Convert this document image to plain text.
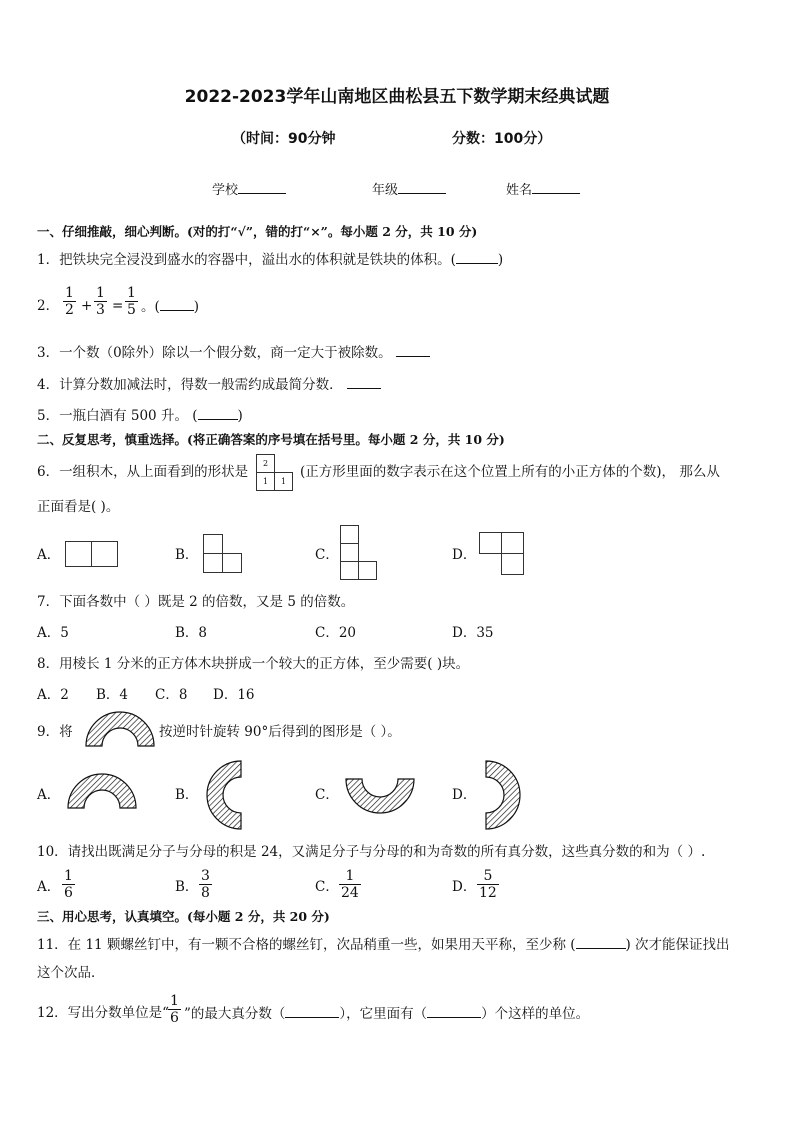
2022-2023学年山南地区曲松县五下数学期末经典试题
（时间：90分钟	分数：100分）
学校	年级	姓名
一、仔细推敲，细心判断。(对的打“√”，错的打“×”。每小题 2 分，共 10 分)
1．把铁块完全浸没到盛水的容器中，溢出水的体积就是铁块的体积。(	)
2． $\frac{1}{2} + \frac{1}{3} = \frac{1}{5}$ 。(	)
3．一个数（0除外）除以一个假分数，商一定大于被除数。
4．计算分数加减法时，得数一般需约成最简分数．
5．一瓶白酒有 500 升。 (	)
二、反复思考，慎重选择。(将正确答案的序号填在括号里。每小题 2 分，共 10 分)
6．一组积木，从上面看到的形状是
2
1	1
(正方形里面的数字表示在这个位置上所有的小正方体的个数)， 那么从
正面看是( )。
A．	B．	C．	D．
7．下面各数中（ ）既是 2 的倍数，又是 5 的倍数。
A．5	B．8	C．20	D．35
8．用棱长 1 分米的正方体木块拼成一个较大的正方体，至少需要( )块。
A．2 B．4 C．8 D．16
9．将	按逆时针旋转 90°后得到的图形是（ ）。
A．	B．	C．	D．
10．请找出既满足分子与分母的积是 24，又满足分子与分母的和为奇数的所有真分数，这些真分数的和为（ ）.
A． $\frac{1}{6}$	B． $\frac{3}{8}$	C． $\frac{1}{24}$	D． $\frac{5}{12}$
三、用心思考，认真填空。(每小题 2 分，共 20 分)
11．在 11 颗螺丝钉中，有一颗不合格的螺丝钉，次品稍重一些，如果用天平称，至少称 (	) 次才能保证找出
这个次品．
12．写出分数单位是“
$\frac{1}{6}$ ”的最大真分数（	），它里面有（	）个这样的单位。
